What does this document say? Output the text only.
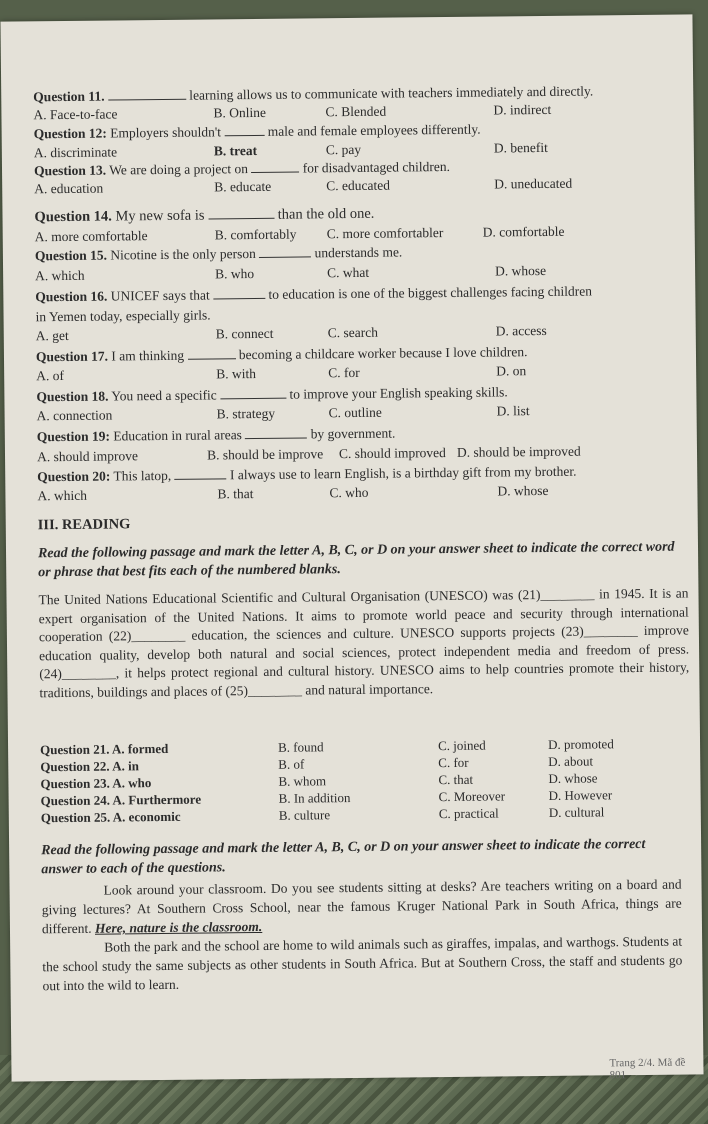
Question 11.	learning allows us to communicate with teachers immediately and directly.
A. Face-to-face	B. Online	C. Blended	D. indirect
Question 12: Employers shouldn't	male and female employees differently.
A. discriminate	B. treat	C. pay	D. benefit
Question 13. We are doing a project on	for disadvantaged children.
A. education	B. educate	C. educated	D. uneducated
Question 14. My new sofa is	than the old one.
A. more comfortable	B. comfortably C. more comfortabler	D. comfortable
Question 15. Nicotine is the only person	understands me.
A. which	B. who	C. what	D. whose
Question 16. UNICEF says that	to education is one of the biggest challenges facing children
in Yemen today, especially girls.
A. get	B. connect	C. search	D. access
Question 17. I am thinking	becoming a childcare worker because I love children.
A. of	B. with	C. for	D. on
Question 18. You need a specific	to improve your English speaking skills.
A. connection	B. strategy	C. outline	D. list
Question 19: Education in rural areas	by government.
A. should improve	B. should be improve C. should improved D. should be improved
Question 20: This latop,	I always use to learn English, is a birthday gift from my brother.
A. which	B. that	C. who	D. whose
III. READING
Read the following passage and mark the letter A, B, C, or D on your answer sheet to indicate the correct word or phrase that best fits each of the numbered blanks.
The United Nations Educational Scientific and Cultural Organisation (UNESCO) was (21)________ in 1945. It is an expert organisation of the United Nations. It aims to promote world peace and security through international cooperation (22)________ education, the sciences and culture. UNESCO supports projects (23)________ improve education quality, develop both natural and social sciences, protect independent media and freedom of press. (24)________, it helps protect regional and cultural history. UNESCO aims to help countries promote their history, traditions, buildings and places of (25)________ and natural importance.
Question 21. A. formed	B. found	C. joined	D. promoted
Question 22. A. in	B. of	C. for	D. about
Question 23. A. who	B. whom	C. that	D. whose
Question 24. A. Furthermore	B. In addition	C. Moreover	D. However
Question 25. A. economic	B. culture	C. practical	D. cultural
Read the following passage and mark the letter A, B, C, or D on your answer sheet to indicate the correct answer to each of the questions.

Look around your classroom. Do you see students sitting at desks? Are teachers writing on a board and giving lectures? At Southern Cross School, near the famous Kruger National Park in South Africa, things are different. Here, nature is the classroom.

Both the park and the school are home to wild animals such as giraffes, impalas, and warthogs. Students at the school study the same subjects as other students in South Africa. But at Southern Cross, the staff and students go out into the wild to learn.

Trang 2/4. Mã đề 801
